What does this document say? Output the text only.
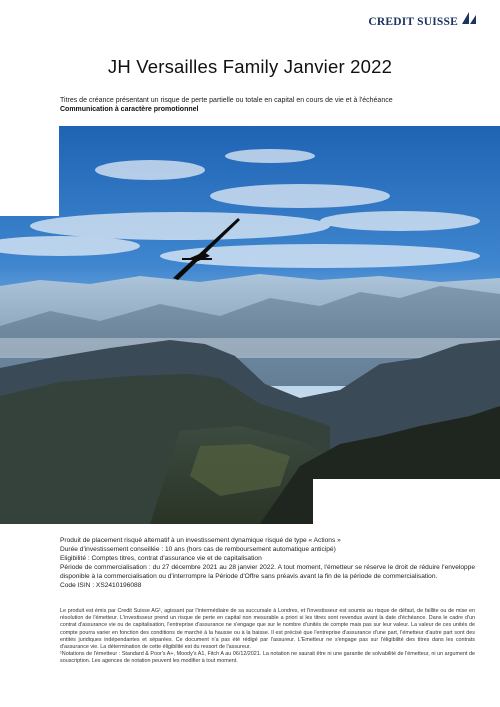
CREDIT SUISSE
JH Versailles Family Janvier 2022
Titres de créance présentant un risque de perte partielle ou totale en capital en cours de vie et à l'échéance
Communication à caractère promotionnel

Produit de placement risqué alternatif à un investissement dynamique risqué de type « Actions »

Durée d'investissement conseillée : 10 ans (hors cas de remboursement automatique anticipé)

Eligibilité : Comptes titres, contrat d'assurance vie et de capitalisation

Période de commercialisation : du 27 décembre 2021 au 28 janvier 2022. A tout moment, l'émetteur se réserve le droit de réduire l'enveloppe disponible à la commercialisation ou d'interrompre la Période d'Offre sans préavis avant la fin de la période de commercialisation.

Code ISIN : XS2410196088

Le produit est émis par Credit Suisse AG¹, agissant par l'intermédiaire de sa succursale à Londres, et l'investisseur est soumis au risque de défaut, de faillite ou de mise en résolution de l'émetteur. L'investisseur prend un risque de perte en capital non mesurable a priori si les titres sont revendus avant la date d'échéance. Dans le cadre d'un contrat d'assurance vie ou de capitalisation, l'entreprise d'assurance ne s'engage que sur le nombre d'unités de compte mais pas sur leur valeur. La valeur de ces unités de compte pourra varier en fonction des conditions de marché à la hausse ou à la baisse. Il est précisé que l'entreprise d'assurance d'une part, l'émetteur d'autre part sont des entités juridiques indépendantes et séparées. Ce document n'a pas été rédigé par l'assureur. L'Emetteur ne s'engage pas sur l'éligibilité des titres dans les contrats d'assurance vie. La détermination de cette éligibilité est du ressort de l'assureur.

¹Notations de l'émetteur : Standard & Poor's A+, Moody's A1, Fitch A au 06/12/2021. La notation ne saurait être ni une garantie de solvabilité de l'émetteur, ni un argument de souscription. Les agences de notation peuvent les modifier à tout moment.
